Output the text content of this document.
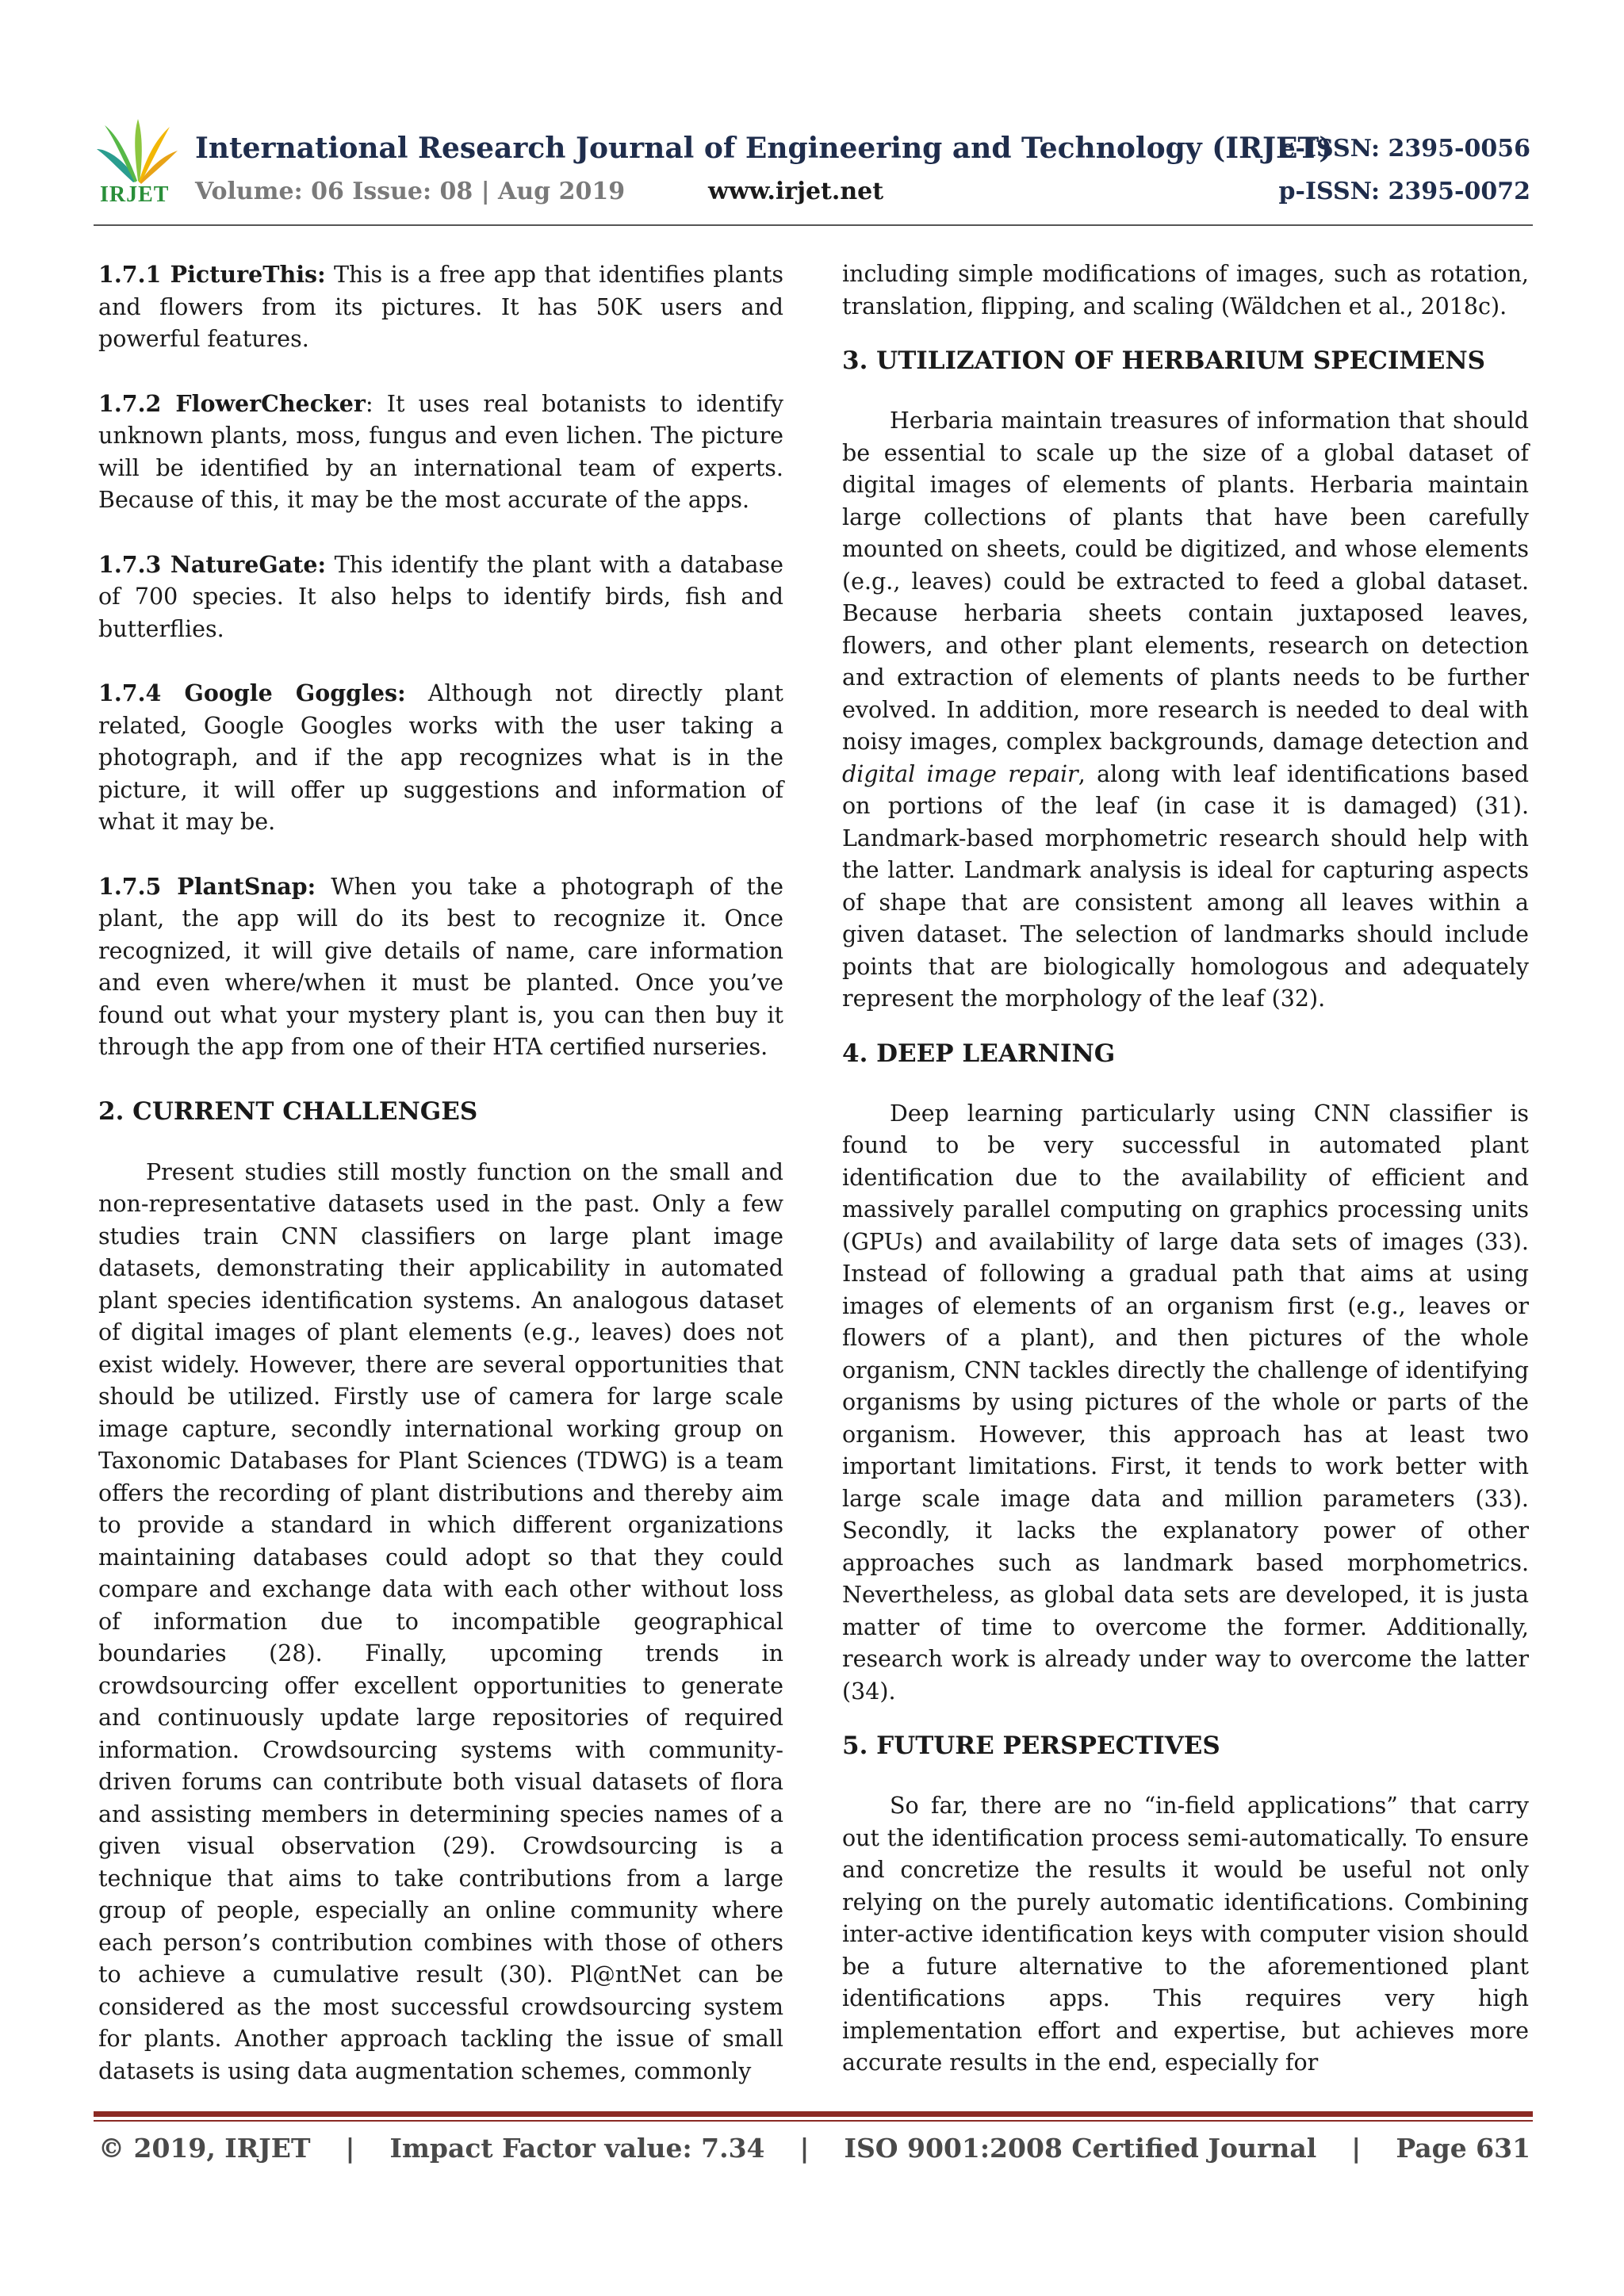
IRJET
International Research Journal of Engineering and Technology (IRJET)
Volume: 06 Issue: 08 | Aug 2019	www.irjet.net
e-ISSN: 2395-0056
p-ISSN: 2395-0072

1.7.1 PictureThis: This is a free app that identifies plants and flowers from its pictures. It has 50K users and powerful features.

1.7.2 FlowerChecker: It uses real botanists to identify unknown plants, moss, fungus and even lichen. The picture will be identified by an international team of experts. Because of this, it may be the most accurate of the apps.

1.7.3 NatureGate: This identify the plant with a database of 700 species. It also helps to identify birds, fish and butterflies.

1.7.4 Google Goggles: Although not directly plant related, Google Googles works with the user taking a photograph, and if the app recognizes what is in the picture, it will offer up suggestions and information of what it may be.

1.7.5 PlantSnap: When you take a photograph of the plant, the app will do its best to recognize it. Once recognized, it will give details of name, care information and even where/when it must be planted. Once you’ve found out what your mystery plant is, you can then buy it through the app from one of their HTA certified nurseries.

2. CURRENT CHALLENGES

Present studies still mostly function on the small and non-representative datasets used in the past. Only a few studies train CNN classifiers on large plant image datasets, demonstrating their applicability in automated plant species identification systems. An analogous dataset of digital images of plant elements (e.g., leaves) does not exist widely. However, there are several opportunities that should be utilized. Firstly use of camera for large scale image capture, secondly international working group on Taxonomic Databases for Plant Sciences (TDWG) is a team offers the recording of plant distributions and thereby aim to provide a standard in which different organizations maintaining databases could adopt so that they could compare and exchange data with each other without loss of information due to incompatible geographical boundaries (28). Finally, upcoming trends in crowdsourcing offer excellent opportunities to generate and continuously update large repositories of required information. Crowdsourcing systems with community-driven forums can contribute both visual datasets of flora and assisting members in determining species names of a given visual observation (29). Crowdsourcing is a technique that aims to take contributions from a large group of people, especially an online community where each person’s contribution combines with those of others to achieve a cumulative result (30). Pl@ntNet can be considered as the most successful crowdsourcing system for plants. Another approach tackling the issue of small datasets is using data augmentation schemes, commonly

including simple modifications of images, such as rotation, translation, flipping, and scaling (Wäldchen et al., 2018c).

3. UTILIZATION OF HERBARIUM SPECIMENS

Herbaria maintain treasures of information that should be essential to scale up the size of a global dataset of digital images of elements of plants. Herbaria maintain large collections of plants that have been carefully mounted on sheets, could be digitized, and whose elements (e.g., leaves) could be extracted to feed a global dataset. Because herbaria sheets contain juxtaposed leaves, flowers, and other plant elements, research on detection and extraction of elements of plants needs to be further evolved. In addition, more research is needed to deal with noisy images, complex backgrounds, damage detection and digital image repair, along with leaf identifications based on portions of the leaf (in case it is damaged) (31). Landmark-based morphometric research should help with the latter. Landmark analysis is ideal for capturing aspects of shape that are consistent among all leaves within a given dataset. The selection of landmarks should include points that are biologically homologous and adequately represent the morphology of the leaf (32).

4. DEEP LEARNING

Deep learning particularly using CNN classifier is found to be very successful in automated plant identification due to the availability of efficient and massively parallel computing on graphics processing units (GPUs) and availability of large data sets of images (33). Instead of following a gradual path that aims at using images of elements of an organism first (e.g., leaves or flowers of a plant), and then pictures of the whole organism, CNN tackles directly the challenge of identifying organisms by using pictures of the whole or parts of the organism. However, this approach has at least two important limitations. First, it tends to work better with large scale image data and million parameters (33). Secondly, it lacks the explanatory power of other approaches such as landmark based morphometrics. Nevertheless, as global data sets are developed, it is justa matter of time to overcome the former. Additionally, research work is already under way to overcome the latter (34).

5. FUTURE PERSPECTIVES

So far, there are no “in-field applications” that carry out the identification process semi-automatically. To ensure and concretize the results it would be useful not only relying on the purely automatic identifications. Combining inter-active identification keys with computer vision should be a future alternative to the aforementioned plant identifications apps. This requires very high implementation effort and expertise, but achieves more accurate results in the end, especially for

© 2019, IRJET | Impact Factor value: 7.34 | ISO 9001:2008 Certified Journal | Page 631
